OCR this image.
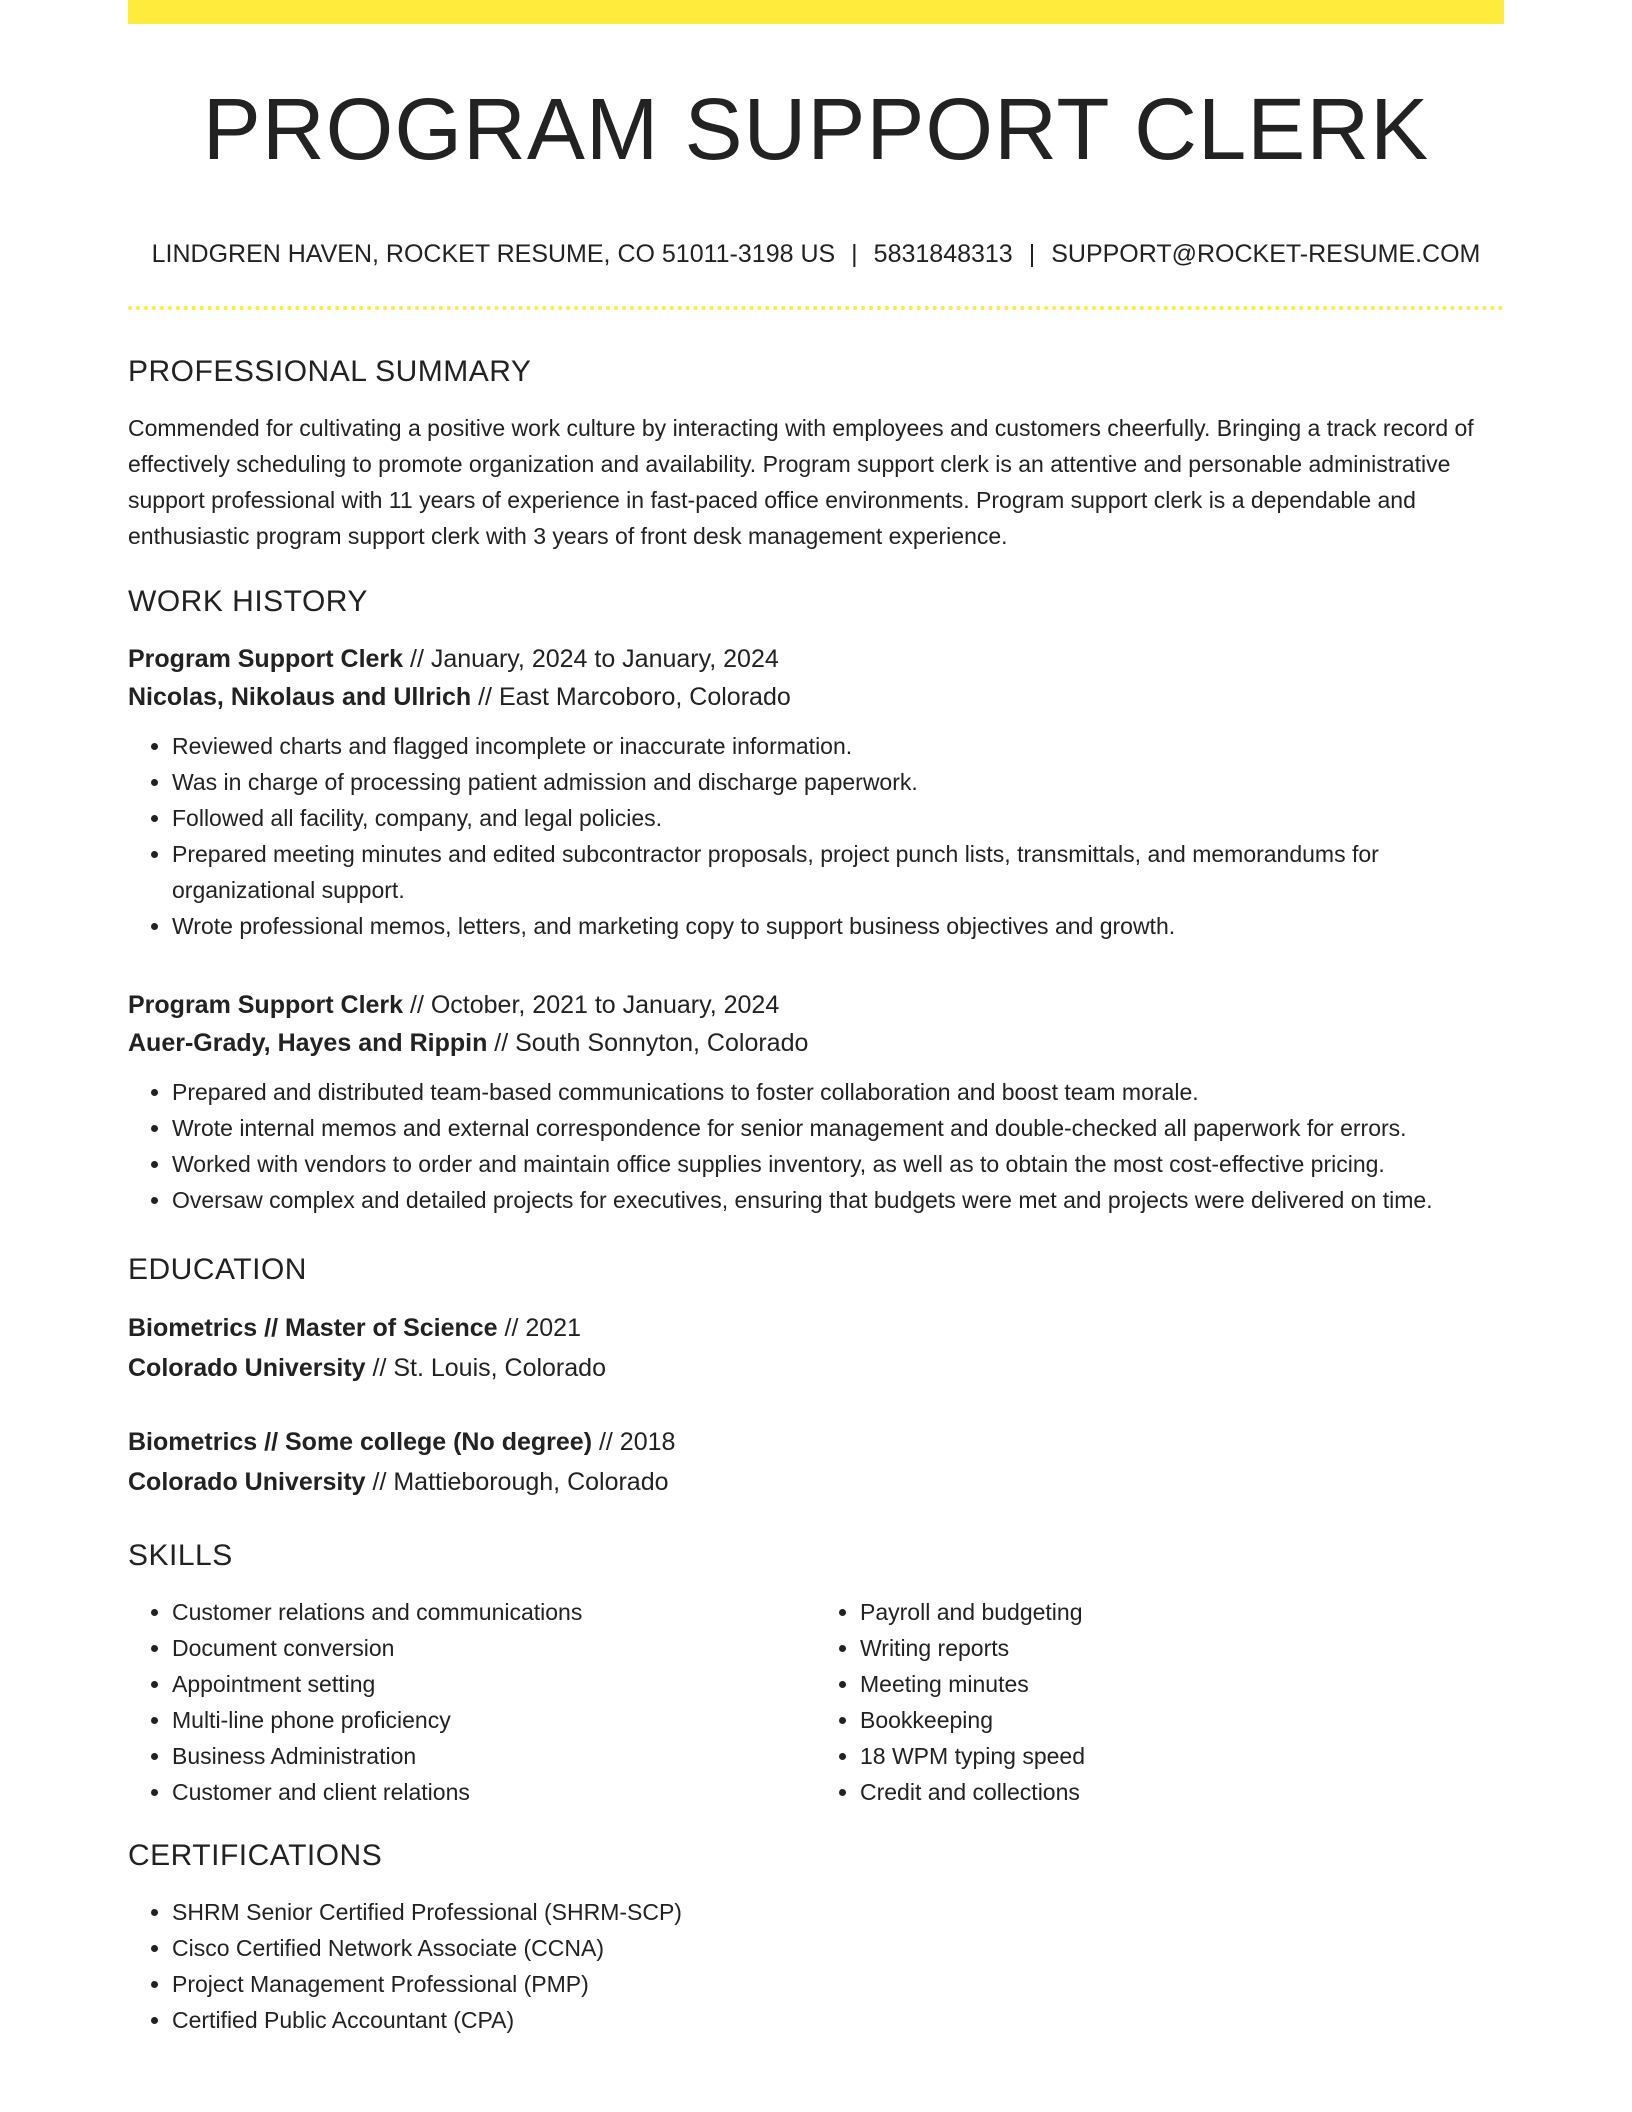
PROGRAM SUPPORT CLERK
LINDGREN HAVEN, ROCKET RESUME, CO 51011-3198 US | 5831848313 | SUPPORT@ROCKET-RESUME.COM
PROFESSIONAL SUMMARY

Commended for cultivating a positive work culture by interacting with employees and customers cheerfully. Bringing a track record of effectively scheduling to promote organization and availability. Program support clerk is an attentive and personable administrative support professional with 11 years of experience in fast-paced office environments. Program support clerk is a dependable and enthusiastic program support clerk with 3 years of front desk management experience.

WORK HISTORY

Program Support Clerk // January, 2024 to January, 2024

Nicolas, Nikolaus and Ullrich // East Marcoboro, Colorado

• Reviewed charts and flagged incomplete or inaccurate information.
• Was in charge of processing patient admission and discharge paperwork.
• Followed all facility, company, and legal policies.
• Prepared meeting minutes and edited subcontractor proposals, project punch lists, transmittals, and memorandums for organizational support.
• Wrote professional memos, letters, and marketing copy to support business objectives and growth.

Program Support Clerk // October, 2021 to January, 2024

Auer-Grady, Hayes and Rippin // South Sonnyton, Colorado

• Prepared and distributed team-based communications to foster collaboration and boost team morale.
• Wrote internal memos and external correspondence for senior management and double-checked all paperwork for errors.
• Worked with vendors to order and maintain office supplies inventory, as well as to obtain the most cost-effective pricing.
• Oversaw complex and detailed projects for executives, ensuring that budgets were met and projects were delivered on time.
EDUCATION

Biometrics // Master of Science // 2021

Colorado University // St. Louis, Colorado

Biometrics // Some college (No degree) // 2018

Colorado University // Mattieborough, Colorado

SKILLS
• Customer relations and communications
• Document conversion
• Appointment setting
• Multi-line phone proficiency
• Business Administration
• Customer and client relations
• Payroll and budgeting
• Writing reports
• Meeting minutes
• Bookkeeping
• 18 WPM typing speed
• Credit and collections
CERTIFICATIONS
• SHRM Senior Certified Professional (SHRM-SCP)
• Cisco Certified Network Associate (CCNA)
• Project Management Professional (PMP)
• Certified Public Accountant (CPA)
